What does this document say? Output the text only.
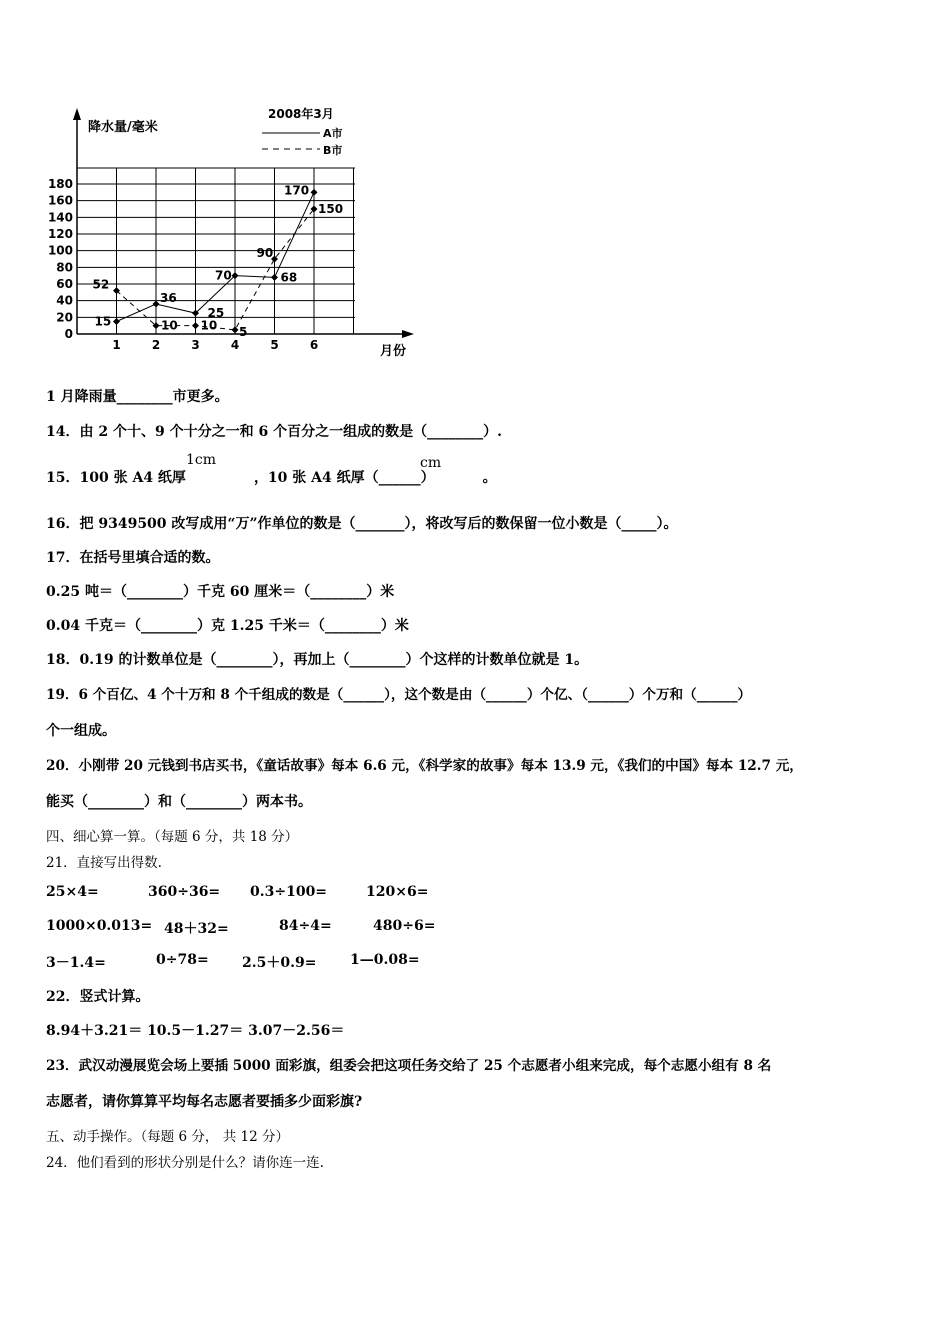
0
20
40
60
80
100
120
140
160
180
1	2	3	4	5	6
15
36
25
70	68
170
52
10 10 5
90
150
降水量/毫米
月份
2008年3月
A市
B市
1 月降雨量________市更多。
14．由 2 个十、9 个十分之一和 6 个百分之一组成的数是（________）.
15．100 张 A4 纸厚	，10 张 A4 纸厚（______）	。
1cm	cm
16．把 9349500 改写成用“万”作单位的数是（_______），将改写后的数保留一位小数是（_____）。
17．在括号里填合适的数。
0.25 吨＝（________）千克 60 厘米＝（________）米
0.04 千克＝（________）克 1.25 千米＝（________）米
18．0.19 的计数单位是（________），再加上（________）个这样的计数单位就是 1。
19．6 个百亿、4 个十万和 8 个千组成的数是（______），这个数是由（______）个亿、（______）个万和（______）
个一组成。
20．小刚带 20 元钱到书店买书，《童话故事》每本 6.6 元，《科学家的故事》每本 13.9 元，《我们的中国》每本 12.7 元，
能买（________）和（________）两本书。
四、细心算一算。（每题 6 分，共 18 分）
21．直接写出得数.
25×4=	360÷36= 0.3÷100=	120×6=
1000×0.013= 48＋32=	84÷4=	480÷6=
3－1.4=	0÷78= 2.5＋0.9= 1—0.08=
22．竖式计算。
8.94＋3.21＝ 10.5－1.27＝ 3.07－2.56＝
23．武汉动漫展览会场上要插 5000 面彩旗，组委会把这项任务交给了 25 个志愿者小组来完成，每个志愿小组有 8 名
志愿者，请你算算平均每名志愿者要插多少面彩旗?
五、动手操作。（每题 6 分， 共 12 分）
24．他们看到的形状分别是什么？请你连一连.
